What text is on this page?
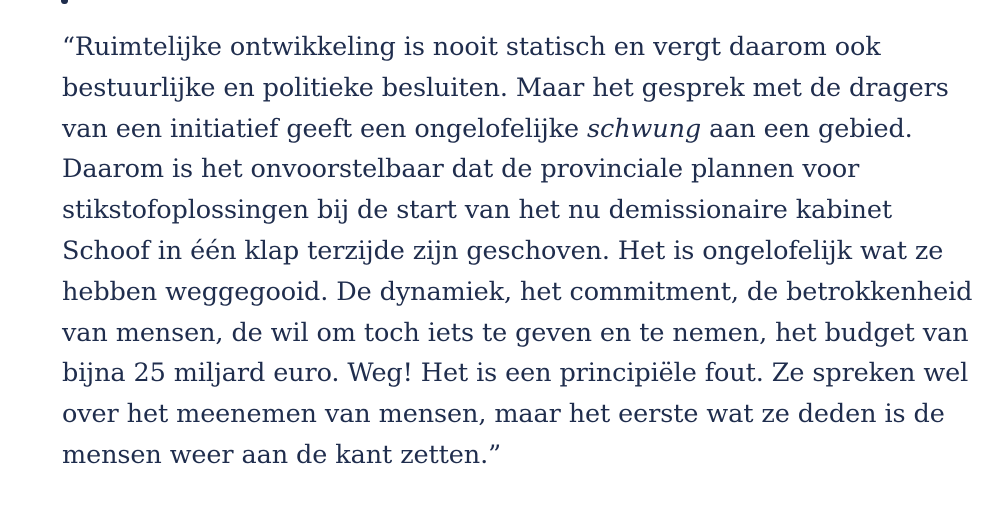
“Ruimtelijke ontwikkeling is nooit statisch en vergt daarom ook
bestuurlijke en politieke besluiten. Maar het gesprek met de dragers
van een initiatief geeft een ongelofelijke schwung aan een gebied.
Daarom is het onvoorstelbaar dat de provinciale plannen voor
stikstofoplossingen bij de start van het nu demissionaire kabinet
Schoof in één klap terzijde zijn geschoven. Het is ongelofelijk wat ze
hebben weggegooid. De dynamiek, het commitment, de betrokkenheid
van mensen, de wil om toch iets te geven en te nemen, het budget van
bijna 25 miljard euro. Weg! Het is een principiële fout. Ze spreken wel
over het meenemen van mensen, maar het eerste wat ze deden is de
mensen weer aan de kant zetten.”
